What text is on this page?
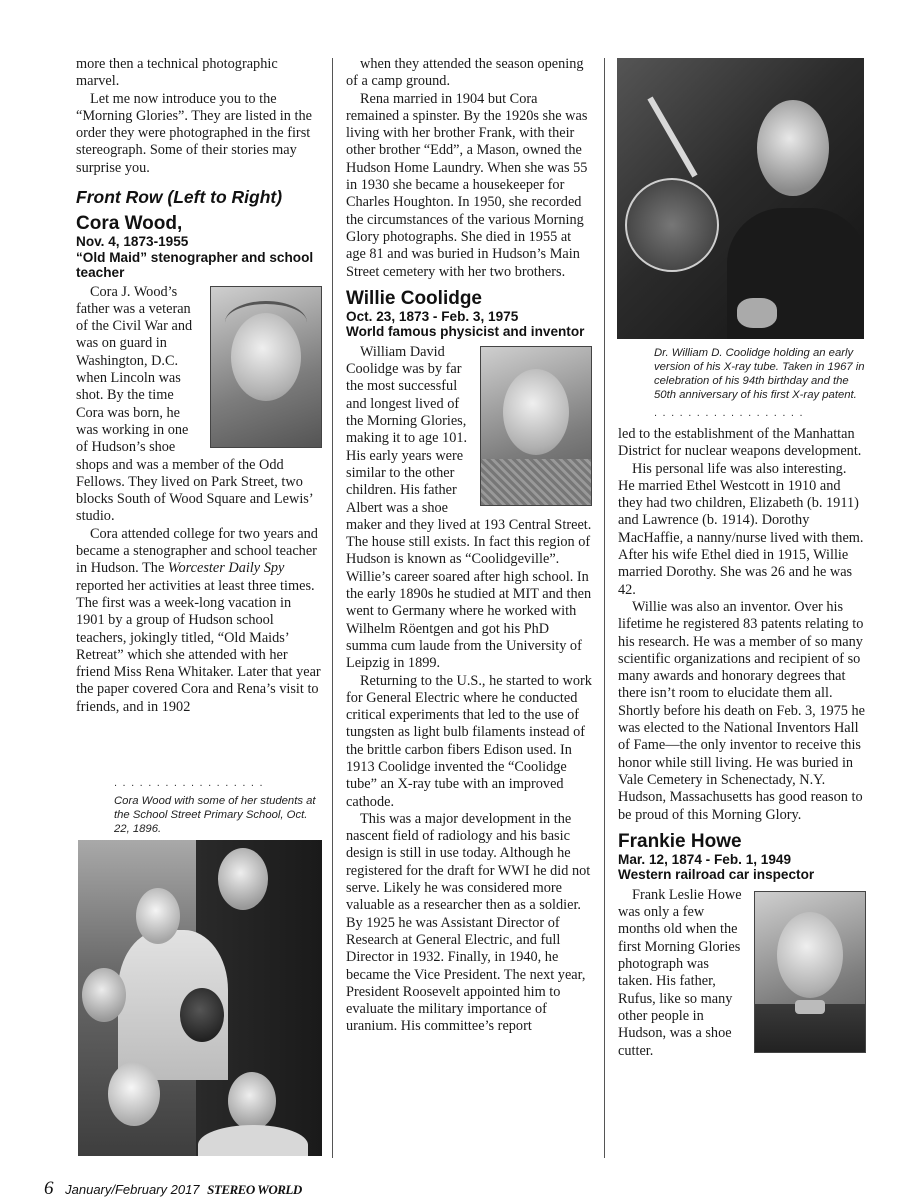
more then a technical photographic marvel.

Let me now introduce you to the “Morning Glories”. They are listed in the order they were photographed in the first stereograph. Some of their stories may surprise you.

Front Row (Left to Right)
Cora Wood,
Nov. 4, 1873-1955
“Old Maid” stenographer and school teacher

Cora J. Wood’s father was a veteran of the Civil War and was on guard in Washington, D.C. when Lincoln was shot. By the time Cora was born, he was working in one of Hudson’s shoe shops and was a member of the Odd Fellows. They lived on Park Street, two blocks South of Wood Square and Lewis’ studio.

Cora attended college for two years and became a stenographer and school teacher in Hudson. The Worcester Daily Spy reported her activities at least three times. The first was a week-long vacation in 1901 by a group of Hudson school teachers, jokingly titled, “Old Maids’ Retreat” which she attended with her friend Miss Rena Whitaker. Later that year the paper covered Cora and Rena’s visit to friends, and in 1902

..................
Cora Wood with some of her students at the School Street Primary School, Oct. 22, 1896.

when they attended the season opening of a camp ground.

Rena married in 1904 but Cora remained a spinster. By the 1920s she was living with her brother Frank, with their other brother “Edd”, a Mason, owned the Hudson Home Laundry. When she was 55 in 1930 she became a housekeeper for Charles Houghton. In 1950, she recorded the circumstances of the various Morning Glory photographs. She died in 1955 at age 81 and was buried in Hudson’s Main Street cemetery with her two brothers.

Willie Coolidge
Oct. 23, 1873 - Feb. 3, 1975
World famous physicist and inventor

William David Coolidge was by far the most successful and longest lived of the Morning Glories, making it to age 101. His early years were similar to the other children. His father Albert was a shoe maker and they lived at 193 Central Street. The house still exists. In fact this region of Hudson is known as “Coolidgeville”. Willie’s career soared after high school. In the early 1890s he studied at MIT and then went to Germany where he worked with Wilhelm Röentgen and got his PhD summa cum laude from the University of Leipzig in 1899.

Returning to the U.S., he started to work for General Electric where he conducted critical experiments that led to the use of tungsten as light bulb filaments instead of the brittle carbon fibers Edison used. In 1913 Coolidge invented the “Coolidge tube” an X-ray tube with an improved cathode.

This was a major development in the nascent field of radiology and his basic design is still in use today. Although he registered for the draft for WWI he did not serve. Likely he was considered more valuable as a researcher then as a soldier. By 1925 he was Assistant Director of Research at General Electric, and full Director in 1932. Finally, in 1940, he became the Vice President. The next year, President Roosevelt appointed him to evaluate the military importance of uranium. His committee’s report

Dr. William D. Coolidge holding an early version of his X-ray tube. Taken in 1967 in celebration of his 94th birthday and the 50th anniversary of his first X-ray patent.
..................

led to the establishment of the Manhattan District for nuclear weapons development.

His personal life was also interesting. He married Ethel Westcott in 1910 and they had two children, Elizabeth (b. 1911) and Lawrence (b. 1914). Dorothy MacHaffie, a nanny/nurse lived with them. After his wife Ethel died in 1915, Willie married Dorothy. She was 26 and he was 42.

Willie was also an inventor. Over his lifetime he registered 83 patents relating to his research. He was a member of so many scientific organizations and recipient of so many awards and honorary degrees that there isn’t room to elucidate them all. Shortly before his death on Feb. 3, 1975 he was elected to the National Inventors Hall of Fame—the only inventor to receive this honor while still living. He was buried in Vale Cemetery in Schenectady, N.Y. Hudson, Massachusetts has good reason to be proud of this Morning Glory.

Frankie Howe
Mar. 12, 1874 - Feb. 1, 1949
Western railroad car inspector

Frank Leslie Howe was only a few months old when the first Morning Glories photograph was taken. His father, Rufus, like so many other people in Hudson, was a shoe cutter.

6 January/February 2017 STEREO WORLD
